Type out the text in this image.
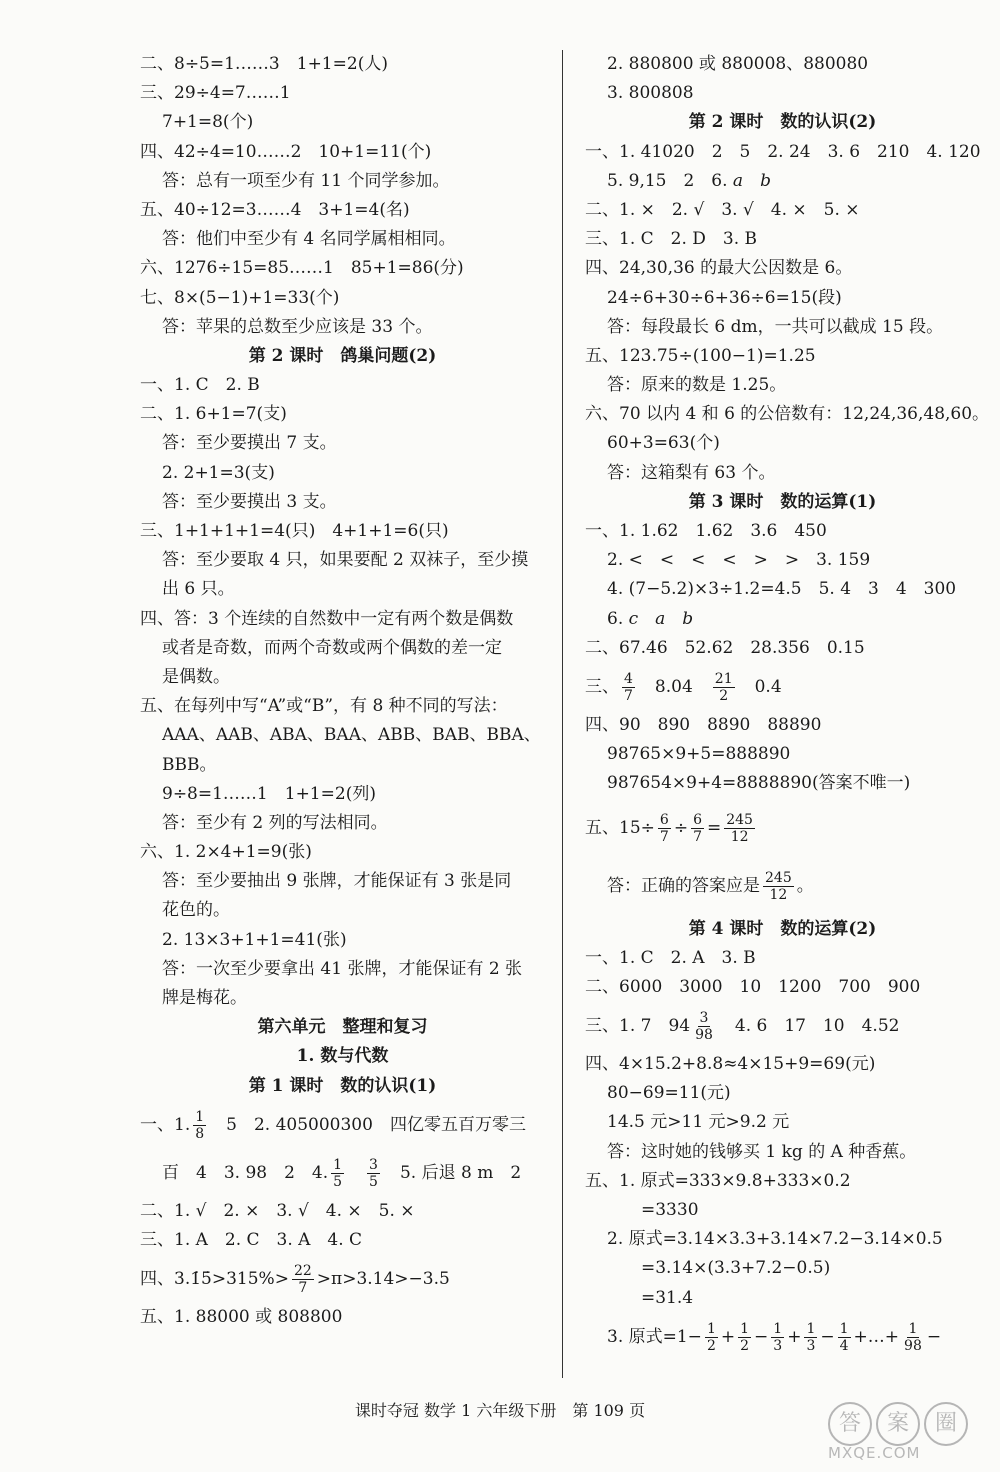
二、8÷5=1……3　1+1=2(人)
三、29÷4=7……1
7+1=8(个)
四、42÷4=10……2　10+1=11(个)
答：总有一项至少有 11 个同学参加。
五、40÷12=3……4　3+1=4(名)
答：他们中至少有 4 名同学属相相同。
六、1276÷15=85……1　85+1=86(分)
七、8×(5−1)+1=33(个)
答：苹果的总数至少应该是 33 个。
第 2 课时　鸽巢问题(2)
一、1. C　2. B
二、1. 6+1=7(支)
答：至少要摸出 7 支。
2. 2+1=3(支)
答：至少要摸出 3 支。
三、1+1+1+1=4(只)　4+1+1=6(只)
答：至少要取 4 只，如果要配 2 双袜子，至少摸
出 6 只。
四、答：3 个连续的自然数中一定有两个数是偶数
或者是奇数，而两个奇数或两个偶数的差一定
是偶数。
五、在每列中写“A”或“B”，有 8 种不同的写法：
AAA、AAB、ABA、BAA、ABB、BAB、BBA、
BBB。
9÷8=1……1　1+1=2(列)
答：至少有 2 列的写法相同。
六、1. 2×4+1=9(张)
答：至少要抽出 9 张牌，才能保证有 3 张是同
花色的。
2. 13×3+1+1=41(张)
答：一次至少要拿出 41 张牌，才能保证有 2 张
牌是梅花。
第六单元　整理和复习
1. 数与代数
第 1 课时　数的认识(1)
一、1. $\frac{1}{8}$ 　5　2. 405000300　四亿零五百万零三
百　4　3. 98　2　4. $\frac{1}{5}$
　 $\frac{3}{5}$ 　5. 后退 8 m　2
二、1. √　2. ×　3. √　4. ×　5. ×
三、1. A　2. C　3. A　4. C
四、3.1̇5̇>315%> $\frac{22}{7} >\pi>3.14>-3.5$
五、1. 88000 或 808800
2. 880800 或 880008、880080
3. 800808
第 2 课时　数的认识(2)
一、1. 41020　2　5　2. 24　3. 6　210　4. 120
5. 9,15　2　6. a　 b
二、1. ×　2. √　3. √　4. ×　5. ×
三、1. C　2. D　3. B
四、24,30,36 的最大公因数是 6。
24÷6+30÷6+36÷6=15(段)
答：每段最长 6 dm，一共可以截成 15 段。
五、123.75÷(100−1)=1.25
答：原来的数是 1.25。
六、70 以内 4 和 6 的公倍数有：12,24,36,48,60。
60+3=63(个)
答：这箱梨有 63 个。
第 3 课时　数的运算(1)
一、1. 1.62　1.62　3.6　450
2. <　<　<　<　>　>　3. 159
4. (7−5.2)×3÷1.2=4.5　5. 4　3　4　300
6. c　 a　 b
二、67.46　52.62　28.356　0.15
三、 $\frac{4}{7}$ 　8.04　 $\frac{21}{2}$ 　0.4
四、90　890　8890　88890
98765×9+5=888890
987654×9+4=8888890(答案不唯一)
五、$15\div \frac{6}{7} \div \frac{6}{7} = \frac{245}{12}$
答：正确的答案应是 $\frac{245}{12}$ 。
第 4 课时　数的运算(2)
一、1. C　2. A　3. B
二、6000　3000　10　1200　700　900
三、1. 7　$94 \frac{3}{98}$ 　4. 6　17　10　4.52
四、4×15.2+8.8≈4×15+9=69(元)
80−69=11(元)
14.5 元>11 元>9.2 元
答：这时她的钱够买 1 kg 的 A 种香蕉。
五、1. 原式=333×9.8+333×0.2
　　=3330
2. 原式=3.14×3.3+3.14×7.2−3.14×0.5
　　=3.14×(3.3+7.2−0.5)
　　=31.4
3. 原式$=1- \frac{1}{2} + \frac{1}{2} - \frac{1}{3} + \frac{1}{3} - \frac{1}{4}$ +…+ $\frac{1}{98}$ −
课时夺冠 数学 1 六年级下册　第 109 页
答	案	圈
MXQE.COM
